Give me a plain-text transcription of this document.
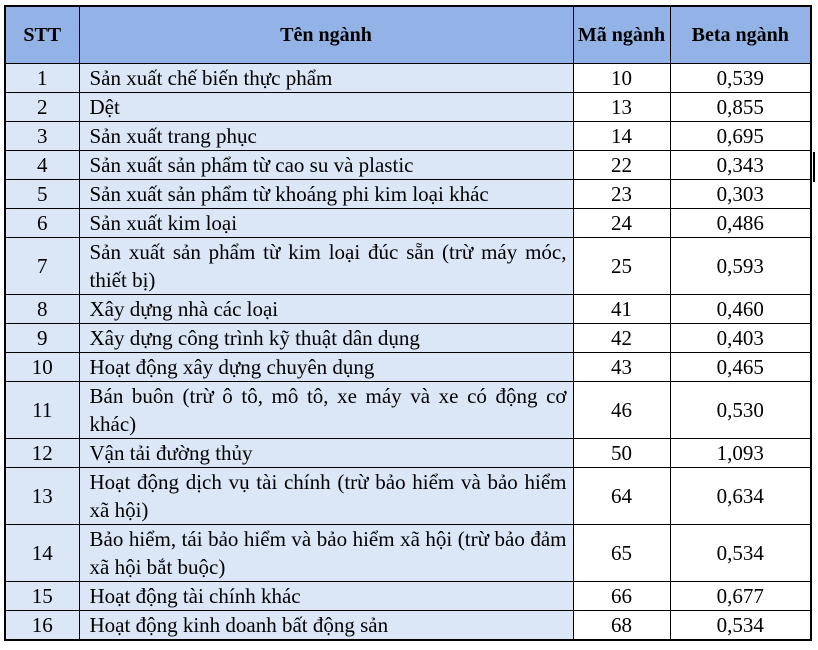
STT	Tên ngành	Mã ngành	Beta ngành
1	Sản xuất chế biến thực phẩm	10	0,539
2	Dệt	13	0,855
3	Sản xuất trang phục	14	0,695
4	Sản xuất sản phẩm từ cao su và plastic	22	0,343
5	Sản xuất sản phẩm từ khoáng phi kim loại khác	23	0,303
6	Sản xuất kim loại	24	0,486
7	Sản xuất sản phẩm từ kim loại đúc sẵn (trừ máy móc, thiết bị)	25	0,593
8	Xây dựng nhà các loại	41	0,460
9	Xây dựng công trình kỹ thuật dân dụng	42	0,403
10	Hoạt động xây dựng chuyên dụng	43	0,465
11	Bán buôn (trừ ô tô, mô tô, xe máy và xe có động cơ khác)	46	0,530
12	Vận tải đường thủy	50	1,093
13	Hoạt động dịch vụ tài chính (trừ bảo hiểm và bảo hiểm xã hội)	64	0,634
14	Bảo hiểm, tái bảo hiểm và bảo hiểm xã hội (trừ bảo đảm xã hội bắt buộc)	65	0,534
15	Hoạt động tài chính khác	66	0,677
16	Hoạt động kinh doanh bất động sản	68	0,534
